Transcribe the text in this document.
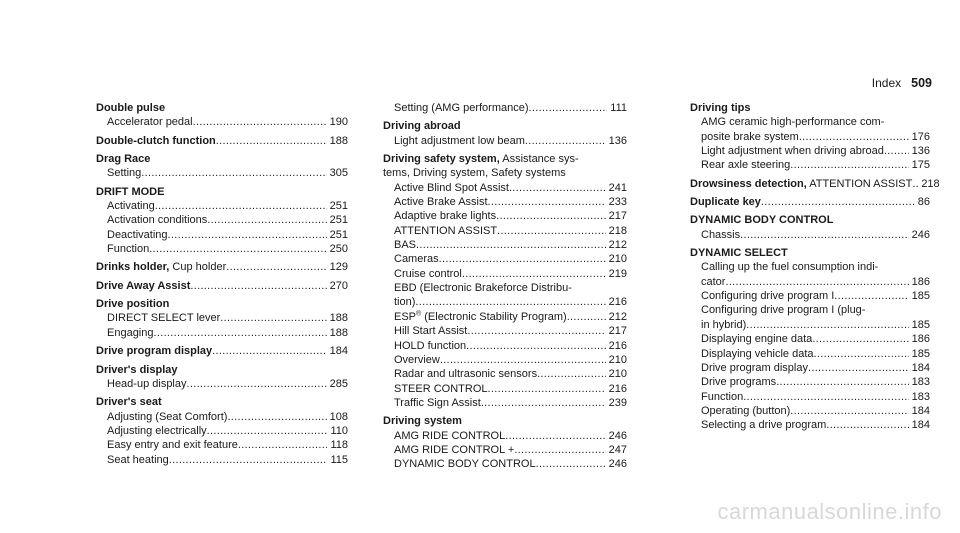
Index 509
Double pulse
Accelerator pedal .....	190
Double-clutch function .....	188
Drag Race
Setting .....	305
DRIFT MODE
Activating .....	251
Activation conditions .....	251
Deactivating .....	251
Function .....	250
Drinks holder, Cup holder .....	129
Drive Away Assist .....	270
Drive position
DIRECT SELECT lever .....	188
Engaging .....	188
Drive program display .....	184
Driver's display
Head-up display .....	285
Driver's seat
Adjusting (Seat Comfort) .....	108
Adjusting electrically .....	110
Easy entry and exit feature .....	118
Seat heating .....	115
Setting (AMG performance) .....	111
Driving abroad
Light adjustment low beam .....	136
Driving safety system, Assistance sys-
tems, Driving system, Safety systems
Active Blind Spot Assist .....	241
Active Brake Assist .....	233
Adaptive brake lights .....	217
ATTENTION ASSIST .....	218
BAS .....	212
Cameras .....	210
Cruise control .....	219
EBD (Electronic Brakeforce Distribu-
tion) .....	216
ESP® (Electronic Stability Program) .....	212
Hill Start Assist .....	217
HOLD function .....	216
Overview .....	210
Radar and ultrasonic sensors .....	210
STEER CONTROL .....	216
Traffic Sign Assist .....	239
Driving system
AMG RIDE CONTROL .....	246
AMG RIDE CONTROL + .....	247
DYNAMIC BODY CONTROL .....	246
Driving tips
AMG ceramic high-performance com-
posite brake system .....	176
Light adjustment when driving abroad .....	136
Rear axle steering .....	175
Drowsiness detection, ATTENTION ASSIST ..... 218
Duplicate key .....	86
DYNAMIC BODY CONTROL
Chassis .....	246
DYNAMIC SELECT
Calling up the fuel consumption indi-
cator .....	186
Configuring drive program I .....	185
Configuring drive program I (plug-
in hybrid) .....	185
Displaying engine data .....	186
Displaying vehicle data .....	185
Drive program display .....	184
Drive programs .....	183
Function .....	183
Operating (button) .....	184
Selecting a drive program .....	184
carmanualsonline.info
